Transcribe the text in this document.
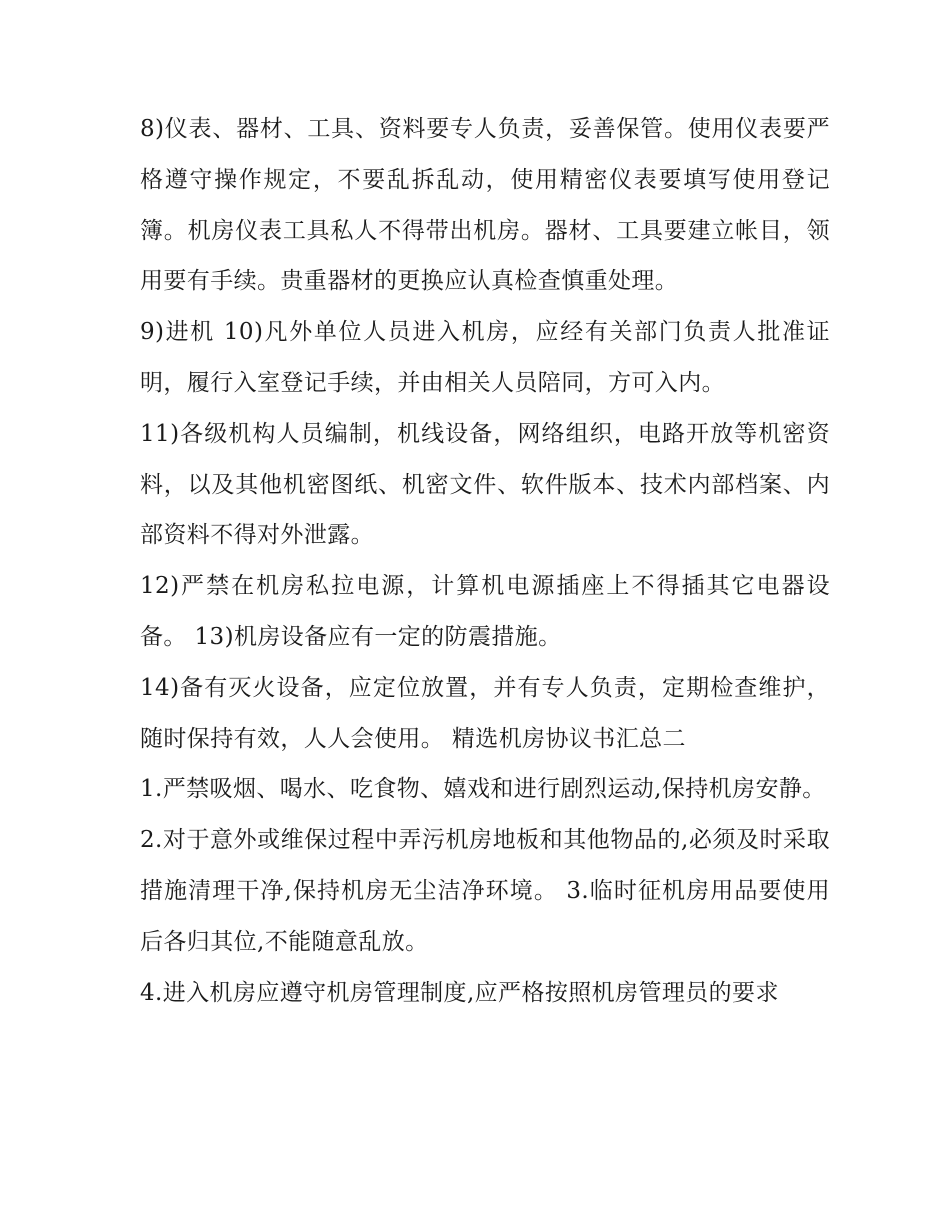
8)仪表、器材、工具、资料要专人负责，妥善保管。使用仪表要严格遵守操作规定，不要乱拆乱动，使用精密仪表要填写使用登记簿。机房仪表工具私人不得带出机房。器材、工具要建立帐目，领用要有手续。贵重器材的更换应认真检查慎重处理。

9)进机 10)凡外单位人员进入机房，应经有关部门负责人批准证明，履行入室登记手续，并由相关人员陪同，方可入内。

11)各级机构人员编制，机线设备，网络组织，电路开放等机密资料，以及其他机密图纸、机密文件、软件版本、技术内部档案、内部资料不得对外泄露。

12)严禁在机房私拉电源，计算机电源插座上不得插其它电器设备。 13)机房设备应有一定的防震措施。

14)备有灭火设备，应定位放置，并有专人负责，定期检查维护，随时保持有效，人人会使用。 精选机房协议书汇总二

1.严禁吸烟、喝水、吃食物、嬉戏和进行剧烈运动,保持机房安静。

2.对于意外或维保过程中弄污机房地板和其他物品的,必须及时采取措施清理干净,保持机房无尘洁净环境。 3.临时征机房用品要使用后各归其位,不能随意乱放。

4.进入机房应遵守机房管理制度,应严格按照机房管理员的要求
